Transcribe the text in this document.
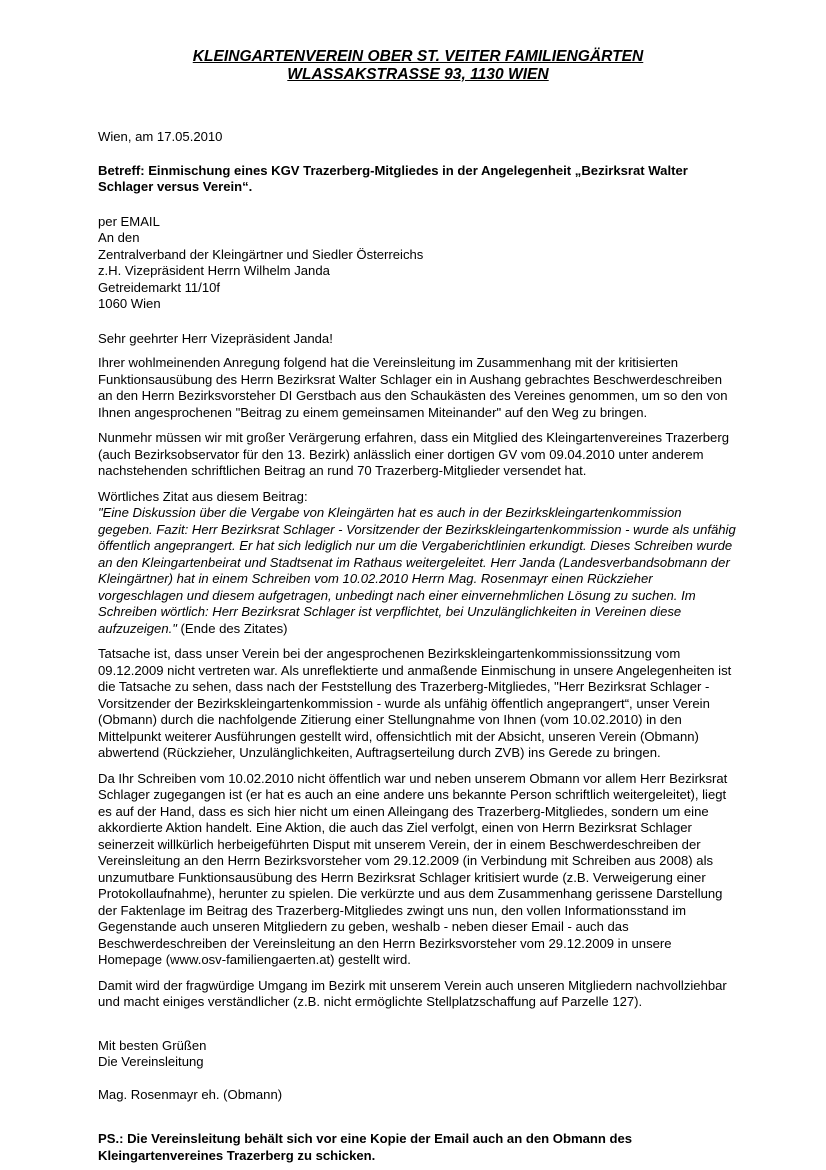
KLEINGARTENVEREIN OBER ST. VEITER FAMILIENGÄRTEN
WLASSAKSTRASSE 93, 1130 WIEN

Wien, am 17.05.2010

Betreff: Einmischung eines KGV Trazerberg-Mitgliedes in der Angelegenheit „Bezirksrat Walter Schlager versus Verein“.

per EMAIL
An den
Zentralverband der Kleingärtner und Siedler Österreichs
z.H. Vizepräsident Herrn Wilhelm Janda
Getreidemarkt 11/10f
1060 Wien

Sehr geehrter Herr Vizepräsident Janda!

Ihrer wohlmeinenden Anregung folgend hat die Vereinsleitung im Zusammenhang mit der kritisierten Funktionsausübung des Herrn Bezirksrat Walter Schlager ein in Aushang gebrachtes Beschwerdeschreiben an den Herrn Bezirksvorsteher DI Gerstbach aus den Schaukästen des Vereines genommen, um so den von Ihnen angesprochenen "Beitrag zu einem gemeinsamen Miteinander" auf den Weg zu bringen.

Nunmehr müssen wir mit großer Verärgerung erfahren, dass ein Mitglied des Kleingartenvereines Trazerberg (auch Bezirksobservator für den 13. Bezirk) anlässlich einer dortigen GV vom 09.04.2010 unter anderem nachstehenden schriftlichen Beitrag an rund 70 Trazerberg-Mitglieder versendet hat.

Wörtliches Zitat aus diesem Beitrag:

"Eine Diskussion über die Vergabe von Kleingärten hat es auch in der Bezirkskleingartenkommission gegeben. Fazit: Herr Bezirksrat Schlager - Vorsitzender der Bezirkskleingartenkommission - wurde als unfähig öffentlich angeprangert. Er hat sich lediglich nur um die Vergaberichtlinien erkundigt. Dieses Schreiben wurde an den Kleingartenbeirat und Stadtsenat im Rathaus weitergeleitet. Herr Janda (Landesverbandsobmann der Kleingärtner) hat in einem Schreiben vom 10.02.2010 Herrn Mag. Rosenmayr einen Rückzieher vorgeschlagen und diesem aufgetragen, unbedingt nach einer einvernehmlichen Lösung zu suchen. Im Schreiben wörtlich: Herr Bezirksrat Schlager ist verpflichtet, bei Unzulänglichkeiten in Vereinen diese aufzuzeigen." (Ende des Zitates)

Tatsache ist, dass unser Verein bei der angesprochenen Bezirkskleingartenkommissionssitzung vom 09.12.2009 nicht vertreten war. Als unreflektierte und anmaßende Einmischung in unsere Angelegenheiten ist die Tatsache zu sehen, dass nach der Feststellung des Trazerberg-Mitgliedes, "Herr Bezirksrat Schlager - Vorsitzender der Bezirkskleingartenkommission - wurde als unfähig öffentlich angeprangert“, unser Verein (Obmann) durch die nachfolgende Zitierung einer Stellungnahme von Ihnen (vom 10.02.2010) in den Mittelpunkt weiterer Ausführungen gestellt wird, offensichtlich mit der Absicht, unseren Verein (Obmann) abwertend (Rückzieher, Unzulänglichkeiten, Auftragserteilung durch ZVB) ins Gerede zu bringen.

Da Ihr Schreiben vom 10.02.2010 nicht öffentlich war und neben unserem Obmann vor allem Herr Bezirksrat Schlager zugegangen ist (er hat es auch an eine andere uns bekannte Person schriftlich weitergeleitet), liegt es auf der Hand, dass es sich hier nicht um einen Alleingang des Trazerberg-Mitgliedes, sondern um eine akkordierte Aktion handelt. Eine Aktion, die auch das Ziel verfolgt, einen von Herrn Bezirksrat Schlager seinerzeit willkürlich herbeigeführten Disput mit unserem Verein, der in einem Beschwerdeschreiben der Vereinsleitung an den Herrn Bezirksvorsteher vom 29.12.2009 (in Verbindung mit Schreiben aus 2008) als unzumutbare Funktionsausübung des Herrn Bezirksrat Schlager kritisiert wurde (z.B. Verweigerung einer Protokollaufnahme), herunter zu spielen. Die verkürzte und aus dem Zusammenhang gerissene Darstellung der Faktenlage im Beitrag des Trazerberg-Mitgliedes zwingt uns nun, den vollen Informationsstand im Gegenstande auch unseren Mitgliedern zu geben, weshalb - neben dieser Email - auch das Beschwerdeschreiben der Vereinsleitung an den Herrn Bezirksvorsteher vom 29.12.2009 in unsere Homepage (www.osv-familiengaerten.at) gestellt wird.

Damit wird der fragwürdige Umgang im Bezirk mit unserem Verein auch unseren Mitgliedern nachvollziehbar und macht einiges verständlicher (z.B. nicht ermöglichte Stellplatzschaffung auf Parzelle 127).

Mit besten Grüßen
Die Vereinsleitung
Mag. Rosenmayr eh. (Obmann)

PS.: Die Vereinsleitung behält sich vor eine Kopie der Email auch an den Obmann des Kleingartenvereines Trazerberg zu schicken.
